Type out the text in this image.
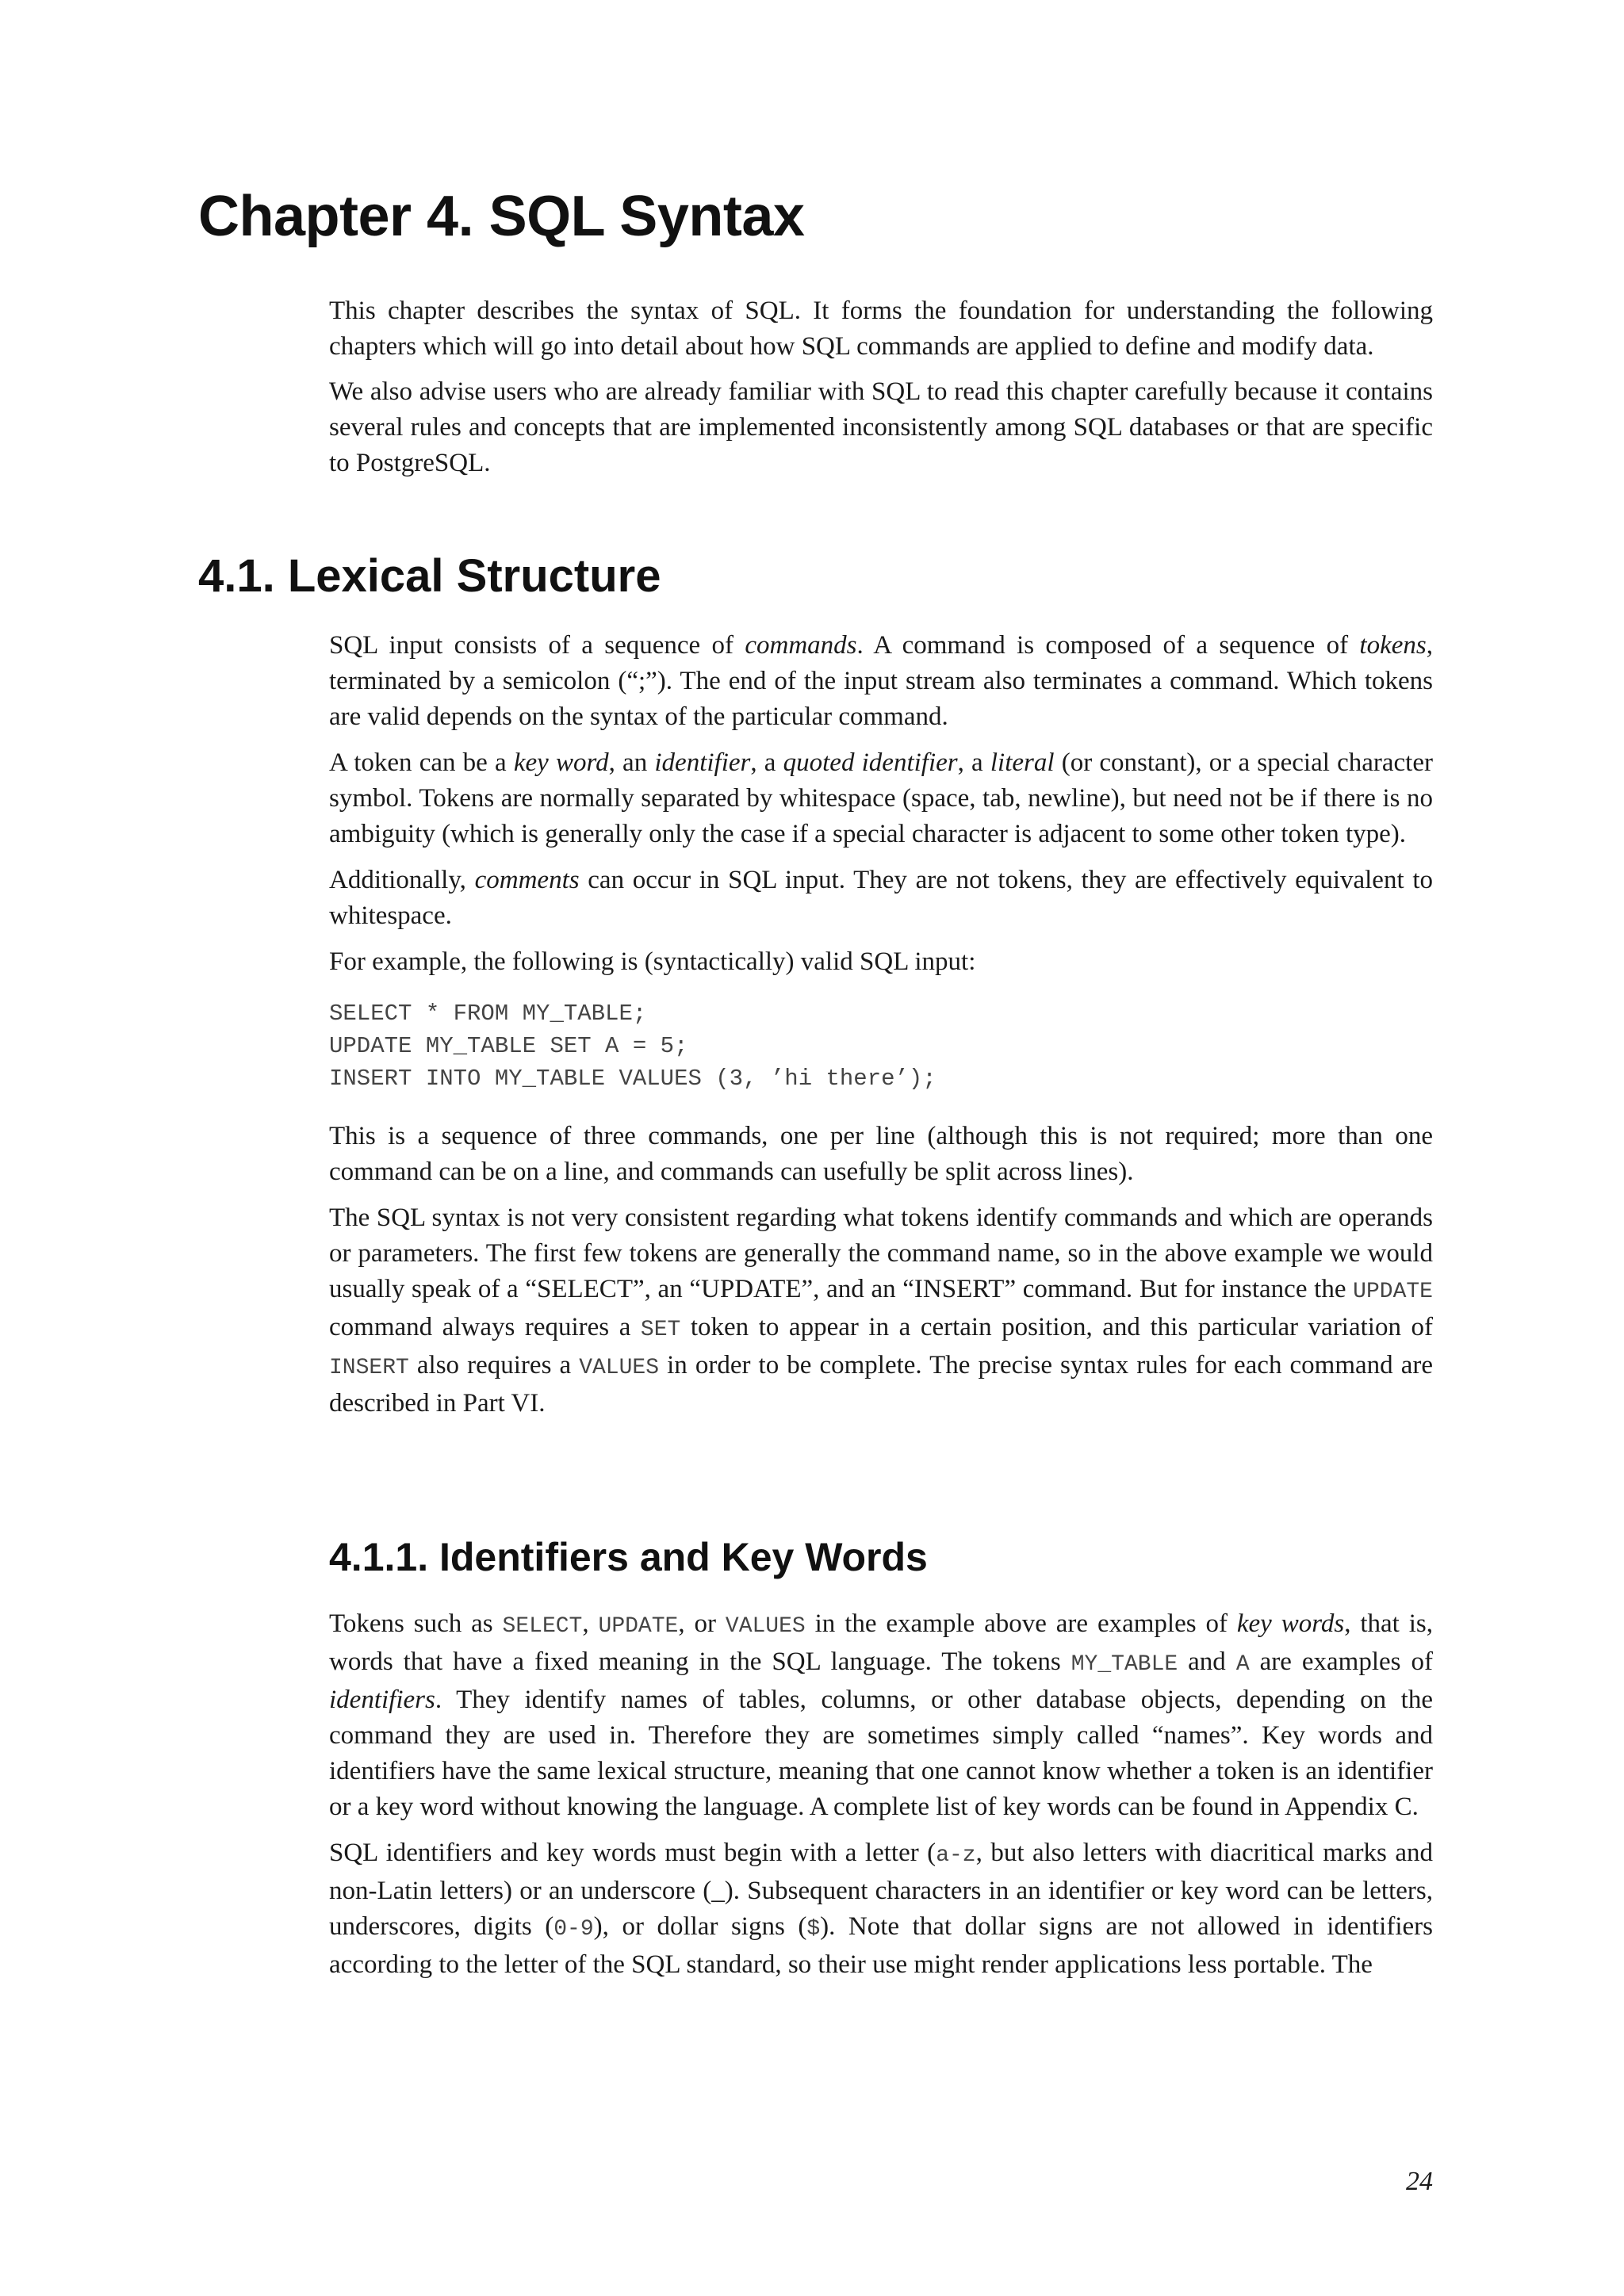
Chapter 4. SQL Syntax

This chapter describes the syntax of SQL. It forms the foundation for understanding the following chapters which will go into detail about how SQL commands are applied to define and modify data.

We also advise users who are already familiar with SQL to read this chapter carefully because it contains several rules and concepts that are implemented inconsistently among SQL databases or that are specific to PostgreSQL.

4.1. Lexical Structure

SQL input consists of a sequence of commands. A command is composed of a sequence of tokens, terminated by a semicolon (“;”). The end of the input stream also terminates a command. Which tokens are valid depends on the syntax of the particular command.

A token can be a key word, an identifier, a quoted identifier, a literal (or constant), or a special character symbol. Tokens are normally separated by whitespace (space, tab, newline), but need not be if there is no ambiguity (which is generally only the case if a special character is adjacent to some other token type).

Additionally, comments can occur in SQL input. They are not tokens, they are effectively equivalent to whitespace.

For example, the following is (syntactically) valid SQL input:

SELECT * FROM MY_TABLE;
UPDATE MY_TABLE SET A = 5;
INSERT INTO MY_TABLE VALUES (3, ’hi there’);

This is a sequence of three commands, one per line (although this is not required; more than one command can be on a line, and commands can usefully be split across lines).

The SQL syntax is not very consistent regarding what tokens identify commands and which are operands or parameters. The first few tokens are generally the command name, so in the above example we would usually speak of a “SELECT”, an “UPDATE”, and an “INSERT” command. But for instance the UPDATE command always requires a SET token to appear in a certain position, and this particular variation of INSERT also requires a VALUES in order to be complete. The precise syntax rules for each command are described in Part VI.

4.1.1. Identifiers and Key Words

Tokens such as SELECT, UPDATE, or VALUES in the example above are examples of key words, that is, words that have a fixed meaning in the SQL language. The tokens MY_TABLE and A are examples of identifiers. They identify names of tables, columns, or other database objects, depending on the command they are used in. Therefore they are sometimes simply called “names”. Key words and identifiers have the same lexical structure, meaning that one cannot know whether a token is an identifier or a key word without knowing the language. A complete list of key words can be found in Appendix C.

SQL identifiers and key words must begin with a letter (a-z, but also letters with diacritical marks and non-Latin letters) or an underscore (_). Subsequent characters in an identifier or key word can be letters, underscores, digits (0-9), or dollar signs ($). Note that dollar signs are not allowed in identifiers according to the letter of the SQL standard, so their use might render applications less portable. The

24
